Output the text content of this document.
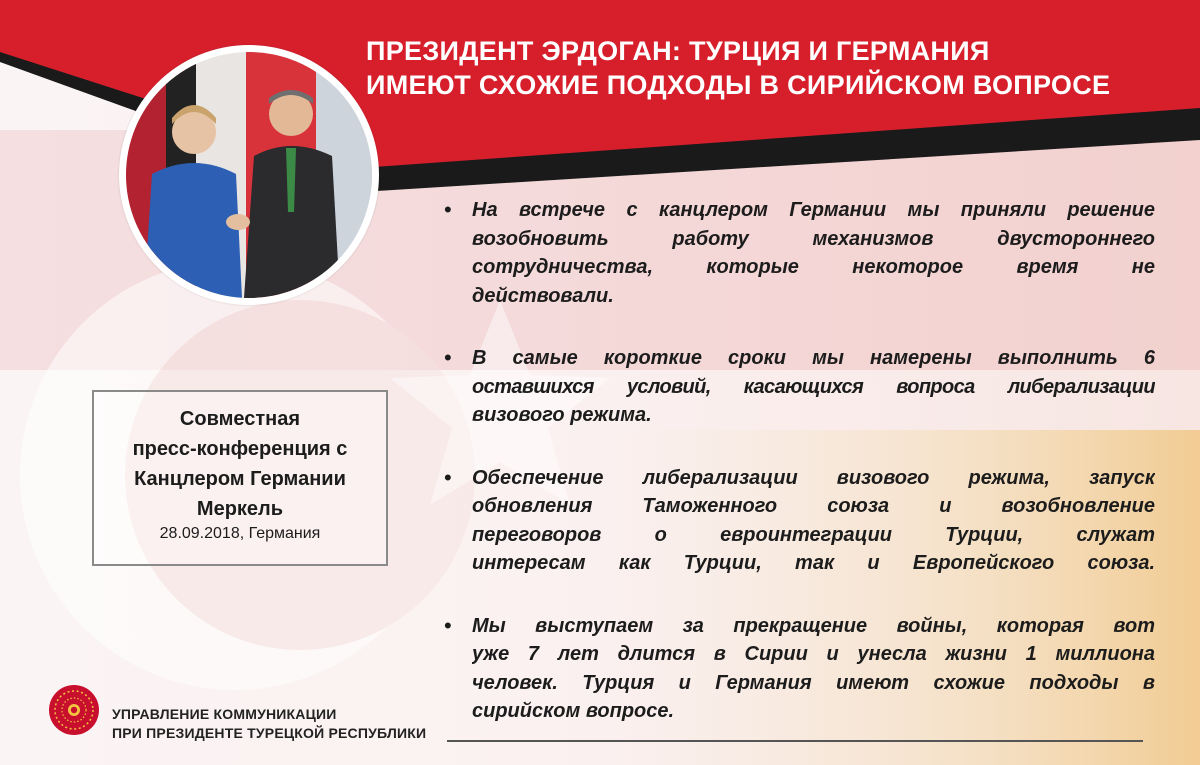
ПРЕЗИДЕНТ ЭРДОГАН: ТУРЦИЯ И ГЕРМАНИЯ
ИМЕЮТ СХОЖИЕ ПОДХОДЫ В СИРИЙСКОМ ВОПРОСЕ
Совместная
пресс-конференция с
Канцлером Германии
Меркель
28.09.2018, Германия
• На встрече с канцлером Германии мы приняли решение
возобновить работу механизмов двустороннего
сотрудничества, которые некоторое время не
действовали.
• В самые короткие сроки мы намерены выполнить 6
оставшихся условий, касающихся вопроса либерализации
визового режима.
• Обеспечение либерализации визового режима, запуск
обновления Таможенного союза и возобновление
переговоров о евроинтеграции Турции, служат
интересам как Турции, так и Европейского союза.
• Мы выступаем за прекращение войны, которая вот
уже 7 лет длится в Сирии и унесла жизни 1 миллиона
человек. Турция и Германия имеют схожие подходы в
сирийском вопросе.
УПРАВЛЕНИЕ КОММУНИКАЦИИ
ПРИ ПРЕЗИДЕНТЕ ТУРЕЦКОЙ РЕСПУБЛИКИ
